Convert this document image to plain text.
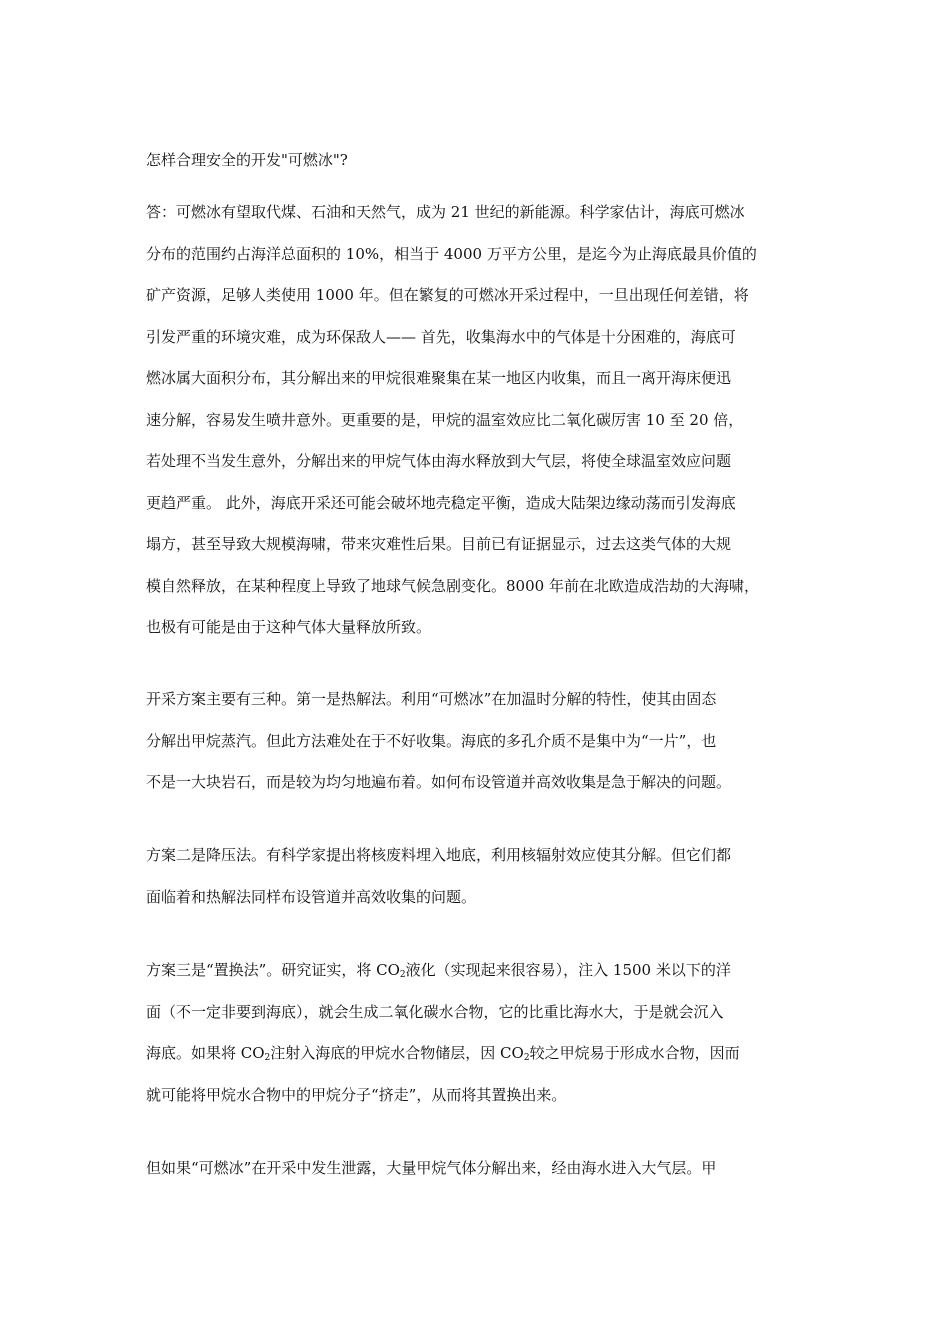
怎样合理安全的开发"可燃冰"?
答：可燃冰有望取代煤、石油和天然气，成为 21 世纪的新能源。科学家估计，海底可燃冰
分布的范围约占海洋总面积的 10%，相当于 4000 万平方公里，是迄今为止海底最具价值的
矿产资源，足够人类使用 1000 年。但在繁复的可燃冰开采过程中，一旦出现任何差错，将
引发严重的环境灾难，成为环保敌人—— 首先，收集海水中的气体是十分困难的，海底可
燃冰属大面积分布，其分解出来的甲烷很难聚集在某一地区内收集，而且一离开海床便迅
速分解，容易发生喷井意外。更重要的是，甲烷的温室效应比二氧化碳厉害 10 至 20 倍，
若处理不当发生意外，分解出来的甲烷气体由海水释放到大气层，将使全球温室效应问题
更趋严重。 此外，海底开采还可能会破坏地壳稳定平衡，造成大陆架边缘动荡而引发海底
塌方，甚至导致大规模海啸，带来灾难性后果。目前已有证据显示，过去这类气体的大规
模自然释放，在某种程度上导致了地球气候急剧变化。8000 年前在北欧造成浩劫的大海啸，
也极有可能是由于这种气体大量释放所致。
开采方案主要有三种。第一是热解法。利用“可燃冰”在加温时分解的特性，使其由固态
分解出甲烷蒸汽。但此方法难处在于不好收集。海底的多孔介质不是集中为“一片”，也
不是一大块岩石，而是较为均匀地遍布着。如何布设管道并高效收集是急于解决的问题。
方案二是降压法。有科学家提出将核废料埋入地底，利用核辐射效应使其分解。但它们都
面临着和热解法同样布设管道并高效收集的问题。
方案三是“置换法”。研究证实，将 $CO_2$液化（实现起来很容易），注入 1500 米以下的洋
面（不一定非要到海底），就会生成二氧化碳水合物，它的比重比海水大，于是就会沉入
海底。如果将 $CO_2$注射入海底的甲烷水合物储层，因 $CO_2$较之甲烷易于形成水合物，因而
就可能将甲烷水合物中的甲烷分子“挤走”，从而将其置换出来。
但如果“可燃冰”在开采中发生泄露，大量甲烷气体分解出来，经由海水进入大气层。甲
